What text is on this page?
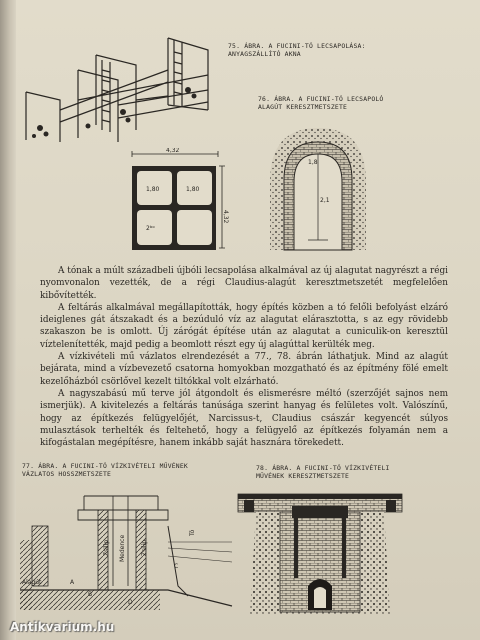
75. ÁBRA. A FUCINI-TÓ LECSAPOLÁSA:
ANYAGSZÁLLÍTÓ AKNA
76. ÁBRA. A FUCINI-TÓ LECSAPOLÓ
ALAGÚT KERESZTMETSZETE
4,32
4,32
1,80	1,80
2ᵇᵒ
1,8
2,1

A tónak a múlt századbeli újbóli lecsapolása alkalmával az új alagutat nagyrészt a régi nyomvonalon vezették, de a régi Claudius-alagút keresztmetszetét megfelelően kibővítették.

A feltárás alkalmával megállapították, hogy építés közben a tó felőli befolyást elzáró ideiglenes gát átszakadt és a bezúduló víz az alagutat elárasztotta, s az egy rövidebb szakaszon be is omlott. Új zárógát építése után az alagutat a cuniculik-on keresztül víztelenítették, majd pedig a beomlott részt egy új alagúttal kerülték meg.

A vízkivételi mű vázlatos elrendezését a 77., 78. ábrán láthatjuk. Mind az alagút bejárata, mind a vízbevezető csatorna homyokban mozgatható és az építmény fölé emelt kezelőházból csörlővel kezelt tiltókkal volt elzárható.

A nagyszabású mű terve jól átgondolt és elismerésre méltó (szerzőjét sajnos nem ismerjük). A kivitelezés a feltárás tanúsága szerint hanyag és felületes volt. Valószínű, hogy az építkezés felügyelőjét, Narcissus-t, Claudius császár kegyencét súlyos mulasztások terhelték és feltehető, hogy a felügyelő az építkezés folyamán nem a kifogástalan megépítésre, hanem inkább saját hasznára törekedett.

77. ÁBRA. A FUCINI-TÓ VÍZKIVÉTELI MŰVÉNEK
VÁZLATOS HOSSZMETSZETE
78. ÁBRA. A FUCINI-TÓ VÍZKIVÉTELI
MŰVÉNEK KERESZTMETSZETE
Zsilip Medence	Zsilip
Tó
Alagút	A
B
C
D
Antikvarium.hu
